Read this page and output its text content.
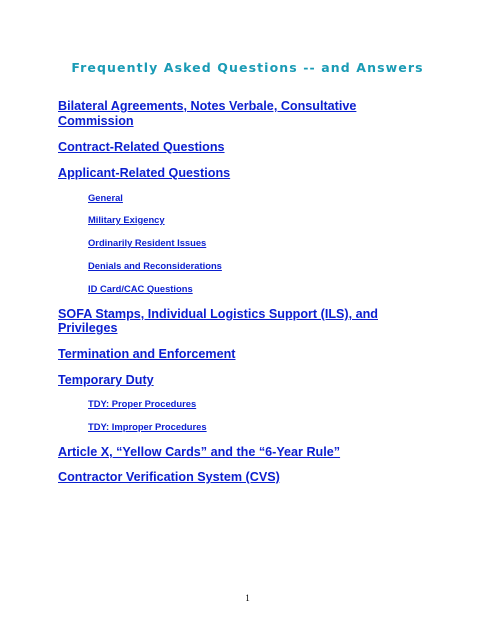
Frequently Asked Questions -- and Answers
Bilateral Agreements, Notes Verbale, Consultative
Commission
Contract-Related Questions
Applicant-Related Questions
General
Military Exigency
Ordinarily Resident Issues
Denials and Reconsiderations
ID Card/CAC Questions
SOFA Stamps, Individual Logistics Support (ILS), and
Privileges
Termination and Enforcement
Temporary Duty
TDY: Proper Procedures
TDY: Improper Procedures
Article X, “Yellow Cards” and the “6-Year Rule”
Contractor Verification System (CVS)
1
